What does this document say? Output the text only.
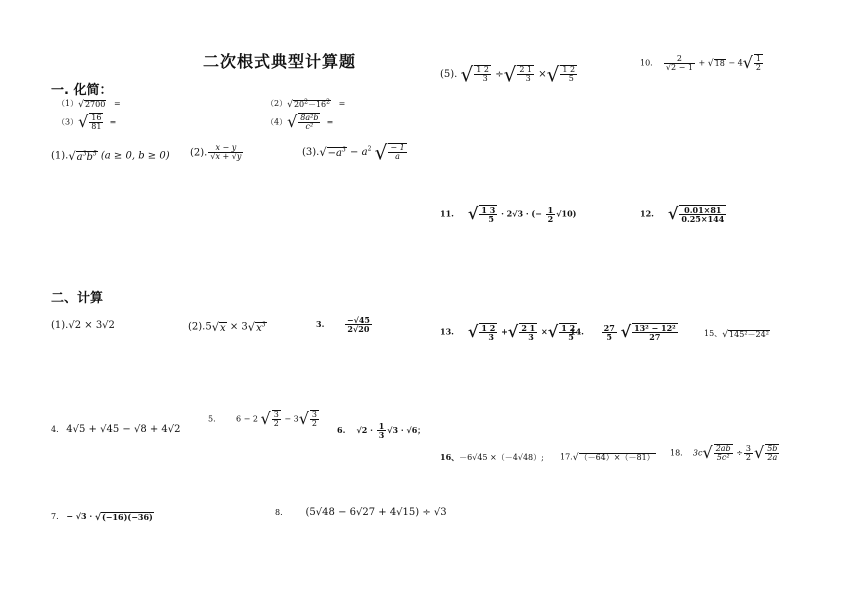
二次根式典型计算题
一. 化简：
二、计算
（1）√2700 =	$(2)√20^2-16^2$ =
$(3)√ \frac{16}{81}$ =	$(4)√ \frac{\text{8a²b}}{\text{c²}}$ =
$(1).√a^3b^5$ (a ≥ 0, b ≥ 0) (2). $\frac{x - y}{√x + √y}$	$(3).√-a^3 - a^2$ √ $\frac{- 1}{a}$
(5). √ $\frac{1 2}{3}$ ÷√ $\frac{2 1}{3}$ ×√ $\frac{1 2}{5}$
10. $\frac{2}{√2 - 1} + √18 - 4√ \frac{1}{2}$
11. √ $\frac{1 3}{5} \cdot 2√3$ · (− $\frac{1}{2} √10$)	12. √ $\frac{0.01\times 81}{0.25\times 144}$
(1).√2 × 3√2	$(2).5√x \times 3√x^3$	3.	$\frac{-√45}{2√20}$	13. √ $\frac{1 2}{3}$ +√ $\frac{2 1}{3}$ ×√ $\frac{1 2}{5}$
14. $\frac{27}{5}$ √ $\frac{\text{13² − 12²}}{27}$	15、√145²－24²
4. 4√5 + √45 − √8 + 4√2
5.	6 − 2 √ $\frac{3}{2} - 3√ \frac{3}{2}$
6.    $√2 \cdot \frac{1}{3} √3 \cdot √6$；
16、－6√45 ×（－4√48）; 17.√（－64）×（－81）
18. $3c√ \frac{2ab}{\text{5c²}} \div \frac{3}{2}$ √ $\frac{5b}{2a}$
7. − √3 · √(−16)(−36)	8. (5√48 − 6√27 + 4√15) ÷ √3
